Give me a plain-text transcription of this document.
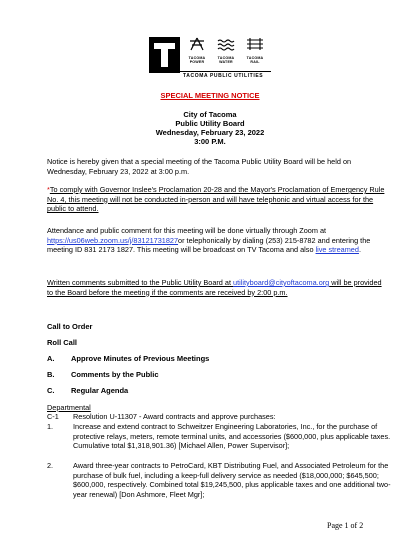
TACOMA
POWER
TACOMA
WATER
TACOMA
RAIL
TACOMA PUBLIC UTILITIES
SPECIAL MEETING NOTICE
City of Tacoma
Public Utility Board
Wednesday, February 23, 2022
3:00 P.M.
Notice is hereby given that a special meeting of the Tacoma Public Utility Board will be held on Wednesday, February 23, 2022 at 3:00 p.m.
*To comply with Governor Inslee's Proclamation 20-28 and the Mayor's Proclamation of Emergency Rule No. 4, this meeting will not be conducted in-person and will have telephonic and virtual access for the public to attend.
Attendance and public comment for this meeting will be done virtually through Zoom at https://us06web.zoom.us/j/83121731827or telephonically by dialing (253) 215-8782 and entering the meeting ID 831 2173 1827. This meeting will be broadcast on TV Tacoma and also live streamed.
Written comments submitted to the Public Utility Board at utilityboard@cityoftacoma.org will be provided to the Board before the meeting if the comments are received by 2:00 p.m.
Call to Order
Roll Call
A. Approve Minutes of Previous Meetings
B. Comments by the Public
C. Regular Agenda
Departmental
C-1 Resolution U-11307 - Award contracts and approve purchases:
1.	Increase and extend contract to Schweitzer Engineering Laboratories, Inc., for the purchase of protective relays, meters, remote terminal units, and accessories ($600,000, plus applicable taxes. Cumulative total $1,318,901.36) [Michael Allen, Power Supervisor];
2.	Award three-year contracts to PetroCard, KBT Distributing Fuel, and Associated Petroleum for the purchase of bulk fuel, including a keep-full delivery service as needed ($18,000,000; $645,500; $600,000, respectively. Combined total $19,245,500, plus applicable taxes and one additional two-year renewal) [Don Ashmore, Fleet Mgr];
Page 1 of 2
